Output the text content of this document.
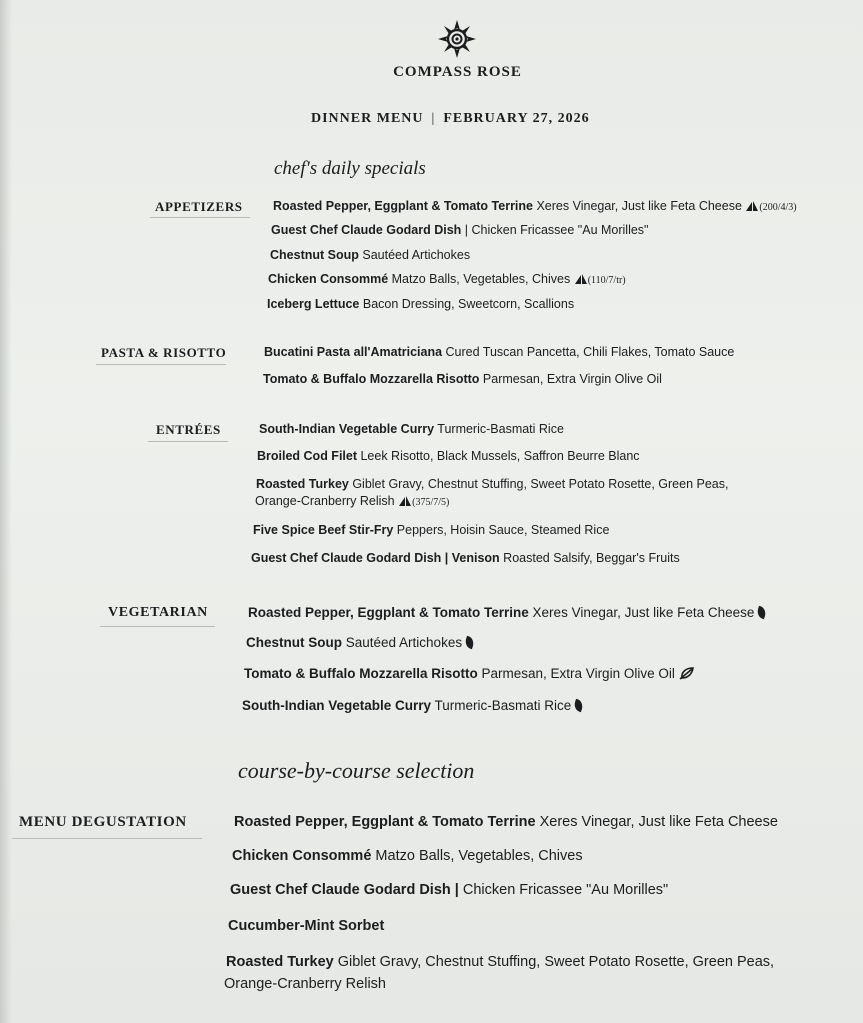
COMPASS ROSE
DINNER MENU | FEBRUARY 27, 2026
chef's daily specials
APPETIZERS Roasted Pepper, Eggplant & Tomato Terrine Xeres Vinegar, Just like Feta Cheese (200/4/3)
Guest Chef Claude Godard Dish | Chicken Fricassee "Au Morilles"
Chestnut Soup Sautéed Artichokes
Chicken Consommé Matzo Balls, Vegetables, Chives (110/7/tr)
Iceberg Lettuce Bacon Dressing, Sweetcorn, Scallions
PASTA & RISOTTO	Bucatini Pasta all'Amatriciana Cured Tuscan Pancetta, Chili Flakes, Tomato Sauce
Tomato & Buffalo Mozzarella Risotto Parmesan, Extra Virgin Olive Oil
ENTRÉES	South-Indian Vegetable Curry Turmeric-Basmati Rice
Broiled Cod Filet Leek Risotto, Black Mussels, Saffron Beurre Blanc
Roasted Turkey Giblet Gravy, Chestnut Stuffing, Sweet Potato Rosette, Green Peas,
Orange-Cranberry Relish (375/7/5)
Five Spice Beef Stir-Fry Peppers, Hoisin Sauce, Steamed Rice
Guest Chef Claude Godard Dish | Venison Roasted Salsify, Beggar's Fruits
VEGETARIAN	Roasted Pepper, Eggplant & Tomato Terrine Xeres Vinegar, Just like Feta Cheese
Chestnut Soup Sautéed Artichokes
Tomato & Buffalo Mozzarella Risotto Parmesan, Extra Virgin Olive Oil
South-Indian Vegetable Curry Turmeric-Basmati Rice
course-by-course selection
MENU DEGUSTATION	Roasted Pepper, Eggplant & Tomato Terrine Xeres Vinegar, Just like Feta Cheese
Chicken Consommé Matzo Balls, Vegetables, Chives
Guest Chef Claude Godard Dish | Chicken Fricassee "Au Morilles"
Cucumber-Mint Sorbet
Roasted Turkey Giblet Gravy, Chestnut Stuffing, Sweet Potato Rosette, Green Peas,
Orange-Cranberry Relish
